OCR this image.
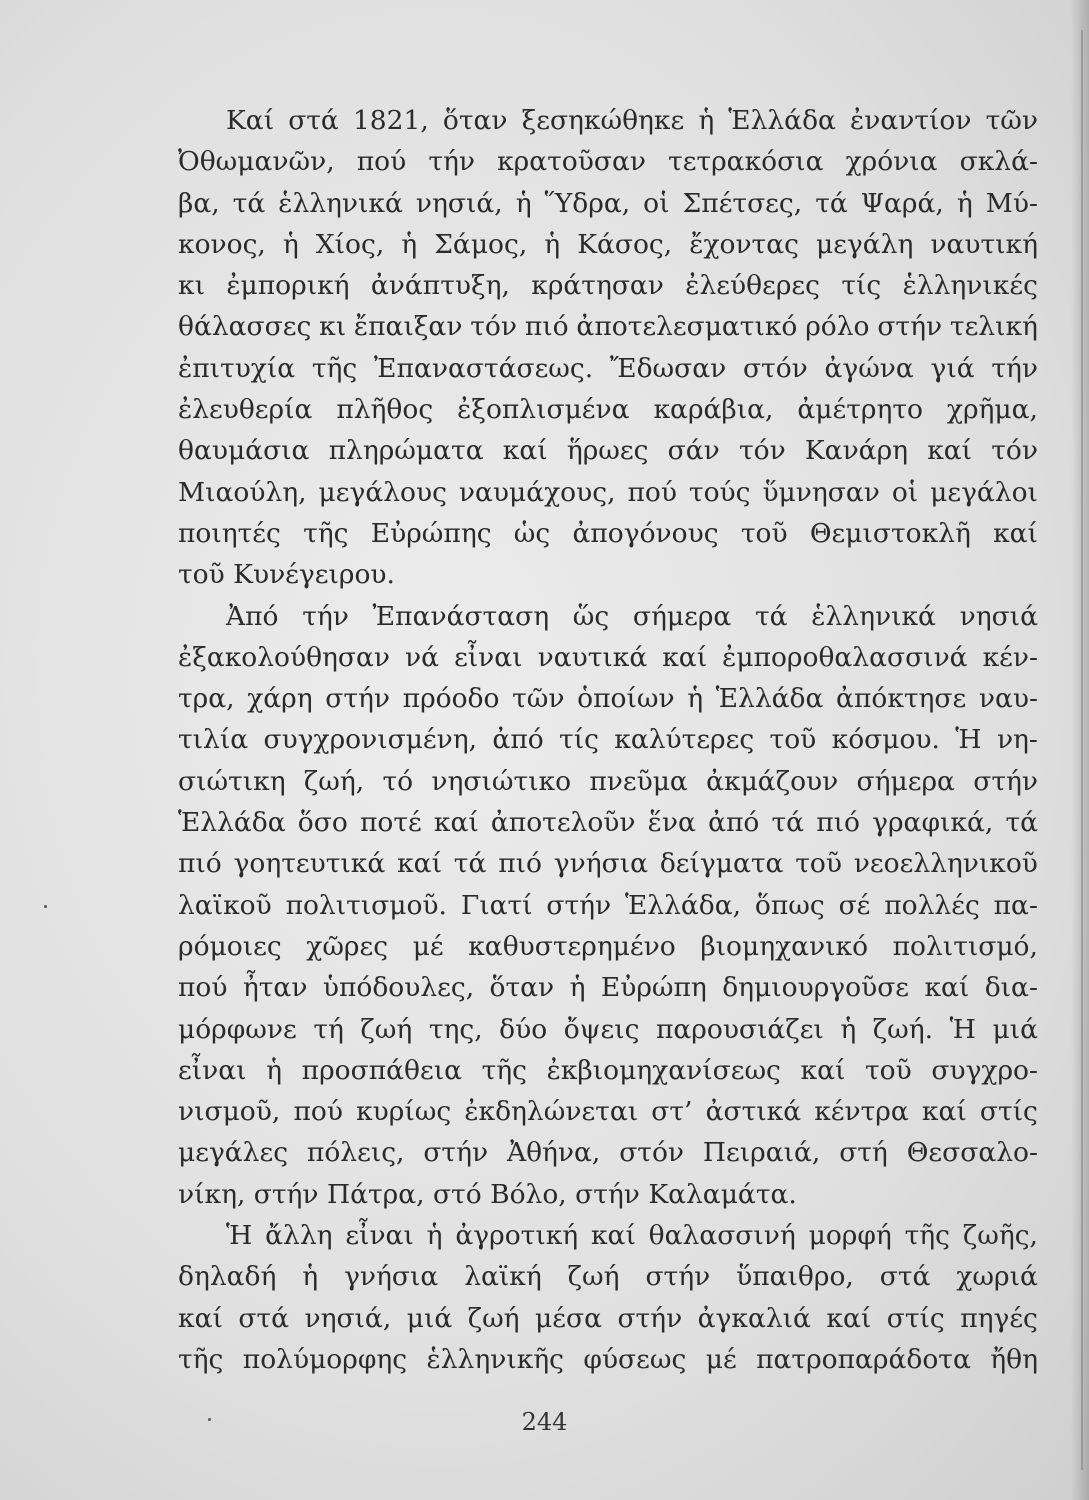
Καί στά 1821, ὅταν ξεσηκώθηκε ἡ Ἑλλάδα ἐναντίον τῶν
Ὀθωμανῶν, πού τήν κρατοῦσαν τετρακόσια χρόνια σκλά-
βα, τά ἑλληνικά νησιά, ἡ Ὕδρα, οἱ Σπέτσες, τά Ψαρά, ἡ Μύ-
κονος, ἡ Χίος, ἡ Σάμος, ἡ Κάσος, ἔχοντας μεγάλη ναυτική
κι ἐμπορική ἀνάπτυξη, κράτησαν ἐλεύθερες τίς ἑλληνικές
θάλασσες κι ἔπαιξαν τόν πιό ἀποτελεσματικό ρόλο στήν τελική
ἐπιτυχία τῆς Ἐπαναστάσεως. Ἔδωσαν στόν ἀγώνα γιά τήν
ἐλευθερία πλῆθος ἐξοπλισμένα καράβια, ἀμέτρητο χρῆμα,
θαυμάσια πληρώματα καί ἥρωες σάν τόν Κανάρη καί τόν
Μιαούλη, μεγάλους ναυμάχους, πού τούς ὕμνησαν οἱ μεγάλοι
ποιητές τῆς Εὐρώπης ὡς ἀπογόνους τοῦ Θεμιστοκλῆ καί
τοῦ Κυνέγειρου.
Ἀπό τήν Ἐπανάσταση ὥς σήμερα τά ἑλληνικά νησιά
ἐξακολούθησαν νά εἶναι ναυτικά καί ἐμποροθαλασσινά κέν-
τρα, χάρη στήν πρόοδο τῶν ὁποίων ἡ Ἑλλάδα ἀπόκτησε ναυ-
τιλία συγχρονισμένη, ἀπό τίς καλύτερες τοῦ κόσμου. Ἡ νη-
σιώτικη ζωή, τό νησιώτικο πνεῦμα ἀκμάζουν σήμερα στήν
Ἑλλάδα ὅσο ποτέ καί ἀποτελοῦν ἕνα ἀπό τά πιό γραφικά, τά
πιό γοητευτικά καί τά πιό γνήσια δείγματα τοῦ νεοελληνικοῦ
λαϊκοῦ πολιτισμοῦ. Γιατί στήν Ἑλλάδα, ὅπως σέ πολλές πα-
ρόμοιες χῶρες μέ καθυστερημένο βιομηχανικό πολιτισμό,
πού ἦταν ὑπόδουλες, ὅταν ἡ Εὐρώπη δημιουργοῦσε καί δια-
μόρφωνε τή ζωή της, δύο ὄψεις παρουσιάζει ἡ ζωή. Ἡ μιά
εἶναι ἡ προσπάθεια τῆς ἐκβιομηχανίσεως καί τοῦ συγχρο-
νισμοῦ, πού κυρίως ἐκδηλώνεται στ’ ἀστικά κέντρα καί στίς
μεγάλες πόλεις, στήν Ἀθήνα, στόν Πειραιά, στή Θεσσαλο-
νίκη, στήν Πάτρα, στό Βόλο, στήν Καλαμάτα.
Ἡ ἄλλη εἶναι ἡ ἀγροτική καί θαλασσινή μορφή τῆς ζωῆς,
δηλαδή ἡ γνήσια λαϊκή ζωή στήν ὕπαιθρο, στά χωριά
καί στά νησιά, μιά ζωή μέσα στήν ἀγκαλιά καί στίς πηγές
τῆς πολύμορφης ἑλληνικῆς φύσεως μέ πατροπαράδοτα ἤθη
244
